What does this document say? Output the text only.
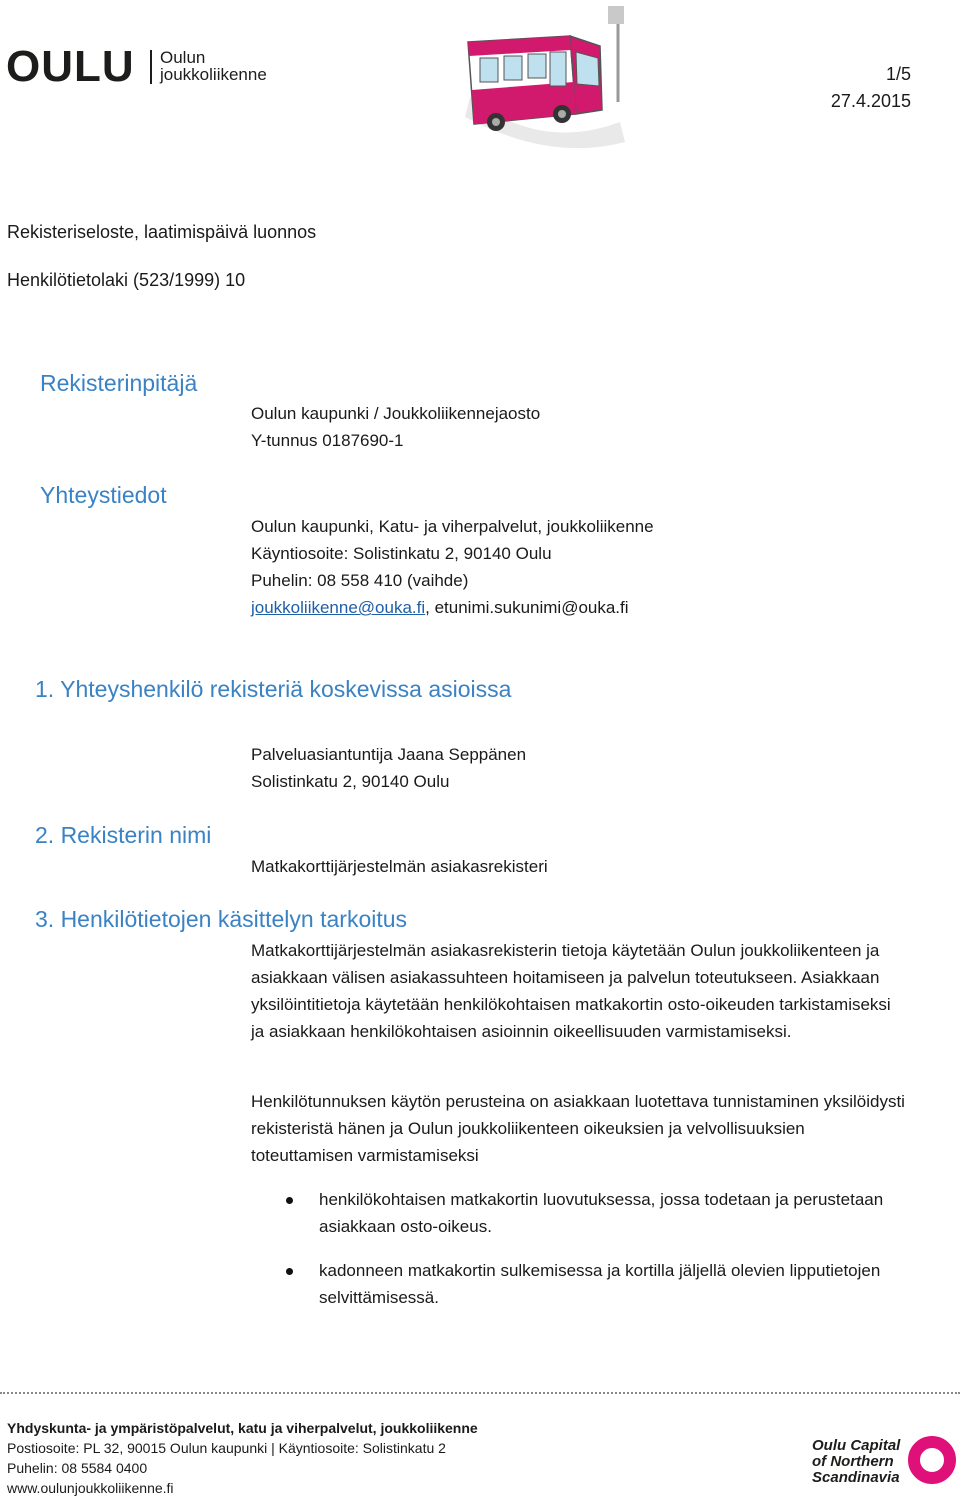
OULU Oulun
joukkoliikenne	1/5
27.4.2015
Rekisteriseloste, laatimispäivä luonnos
Henkilötietolaki (523/1999) 10
Rekisterinpitäjä
Oulun kaupunki / Joukkoliikennejaosto
Y-tunnus 0187690-1
Yhteystiedot
Oulun kaupunki, Katu- ja viherpalvelut, joukkoliikenne
Käyntiosoite: Solistinkatu 2, 90140 Oulu
Puhelin: 08 558 410 (vaihde)
joukkoliikenne@ouka.fi, etunimi.sukunimi@ouka.fi
1. Yhteyshenkilö rekisteriä koskevissa asioissa
Palveluasiantuntija Jaana Seppänen
Solistinkatu 2, 90140 Oulu
2. Rekisterin nimi
Matkakorttijärjestelmän asiakasrekisteri
3. Henkilötietojen käsittelyn tarkoitus
Matkakorttijärjestelmän asiakasrekisterin tietoja käytetään Oulun joukkoliikenteen ja asiakkaan välisen asiakassuhteen hoitamiseen ja palvelun toteutukseen. Asiakkaan yksilöintitietoja käytetään henkilökohtaisen matkakortin osto-oikeuden tarkistamiseksi ja asiakkaan henkilökohtaisen asioinnin oikeellisuuden varmistamiseksi.
Henkilötunnuksen käytön perusteina on asiakkaan luotettava tunnistaminen yksilöidysti rekisteristä hänen ja Oulun joukkoliikenteen oikeuksien ja velvollisuuksien toteuttamisen varmistamiseksi
henkilökohtaisen matkakortin luovutuksessa, jossa todetaan ja perustetaan asiakkaan osto-oikeus.
kadonneen matkakortin sulkemisessa ja kortilla jäljellä olevien lipputietojen selvittämisessä.
Yhdyskunta- ja ympäristöpalvelut, katu ja viherpalvelut, joukkoliikenne
Postiosoite: PL 32, 90015 Oulun kaupunki | Käyntiosoite: Solistinkatu 2
Puhelin: 08 5584 0400
www.oulunjoukkoliikenne.fi
Oulu Capital
of Northern
Scandinavia
